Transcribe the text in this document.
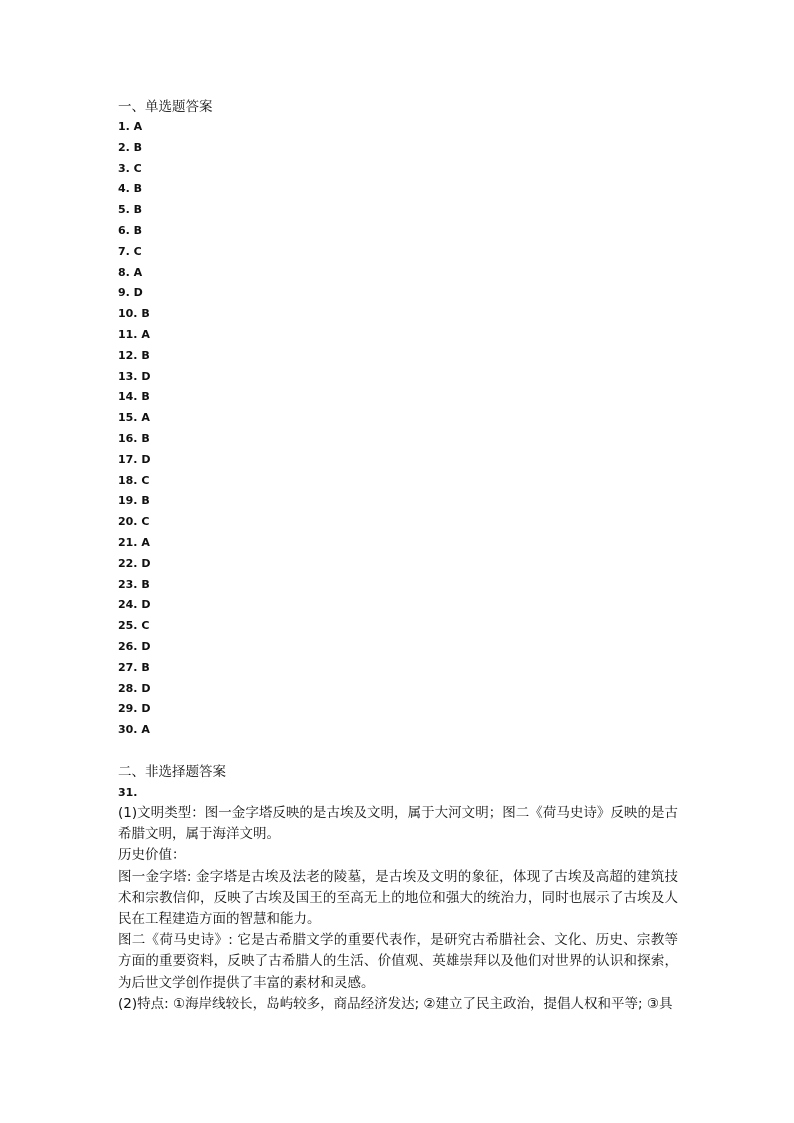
一、单选题答案
1. A
2. B
3. C
4. B
5. B
6. B
7. C
8. A
9. D
10. B
11. A
12. B
13. D
14. B
15. A
16. B
17. D
18. C
19. B
20. C
21. A
22. D
23. B
24. D
25. C
26. D
27. B
28. D
29. D
30. A
二、非选择题答案
31.

(1)文明类型：图一金字塔反映的是古埃及文明，属于大河文明；图二《荷马史诗》反映的是古希腊文明，属于海洋文明。

历史价值：

图一金字塔: 金字塔是古埃及法老的陵墓，是古埃及文明的象征，体现了古埃及高超的建筑技术和宗教信仰，反映了古埃及国王的至高无上的地位和强大的统治力，同时也展示了古埃及人民在工程建造方面的智慧和能力。

图二《荷马史诗》: 它是古希腊文学的重要代表作，是研究古希腊社会、文化、历史、宗教等方面的重要资料，反映了古希腊人的生活、价值观、英雄崇拜以及他们对世界的认识和探索，为后世文学创作提供了丰富的素材和灵感。

(2)特点: ①海岸线较长，岛屿较多，商品经济发达; ②建立了民主政治，提倡人权和平等; ③具
